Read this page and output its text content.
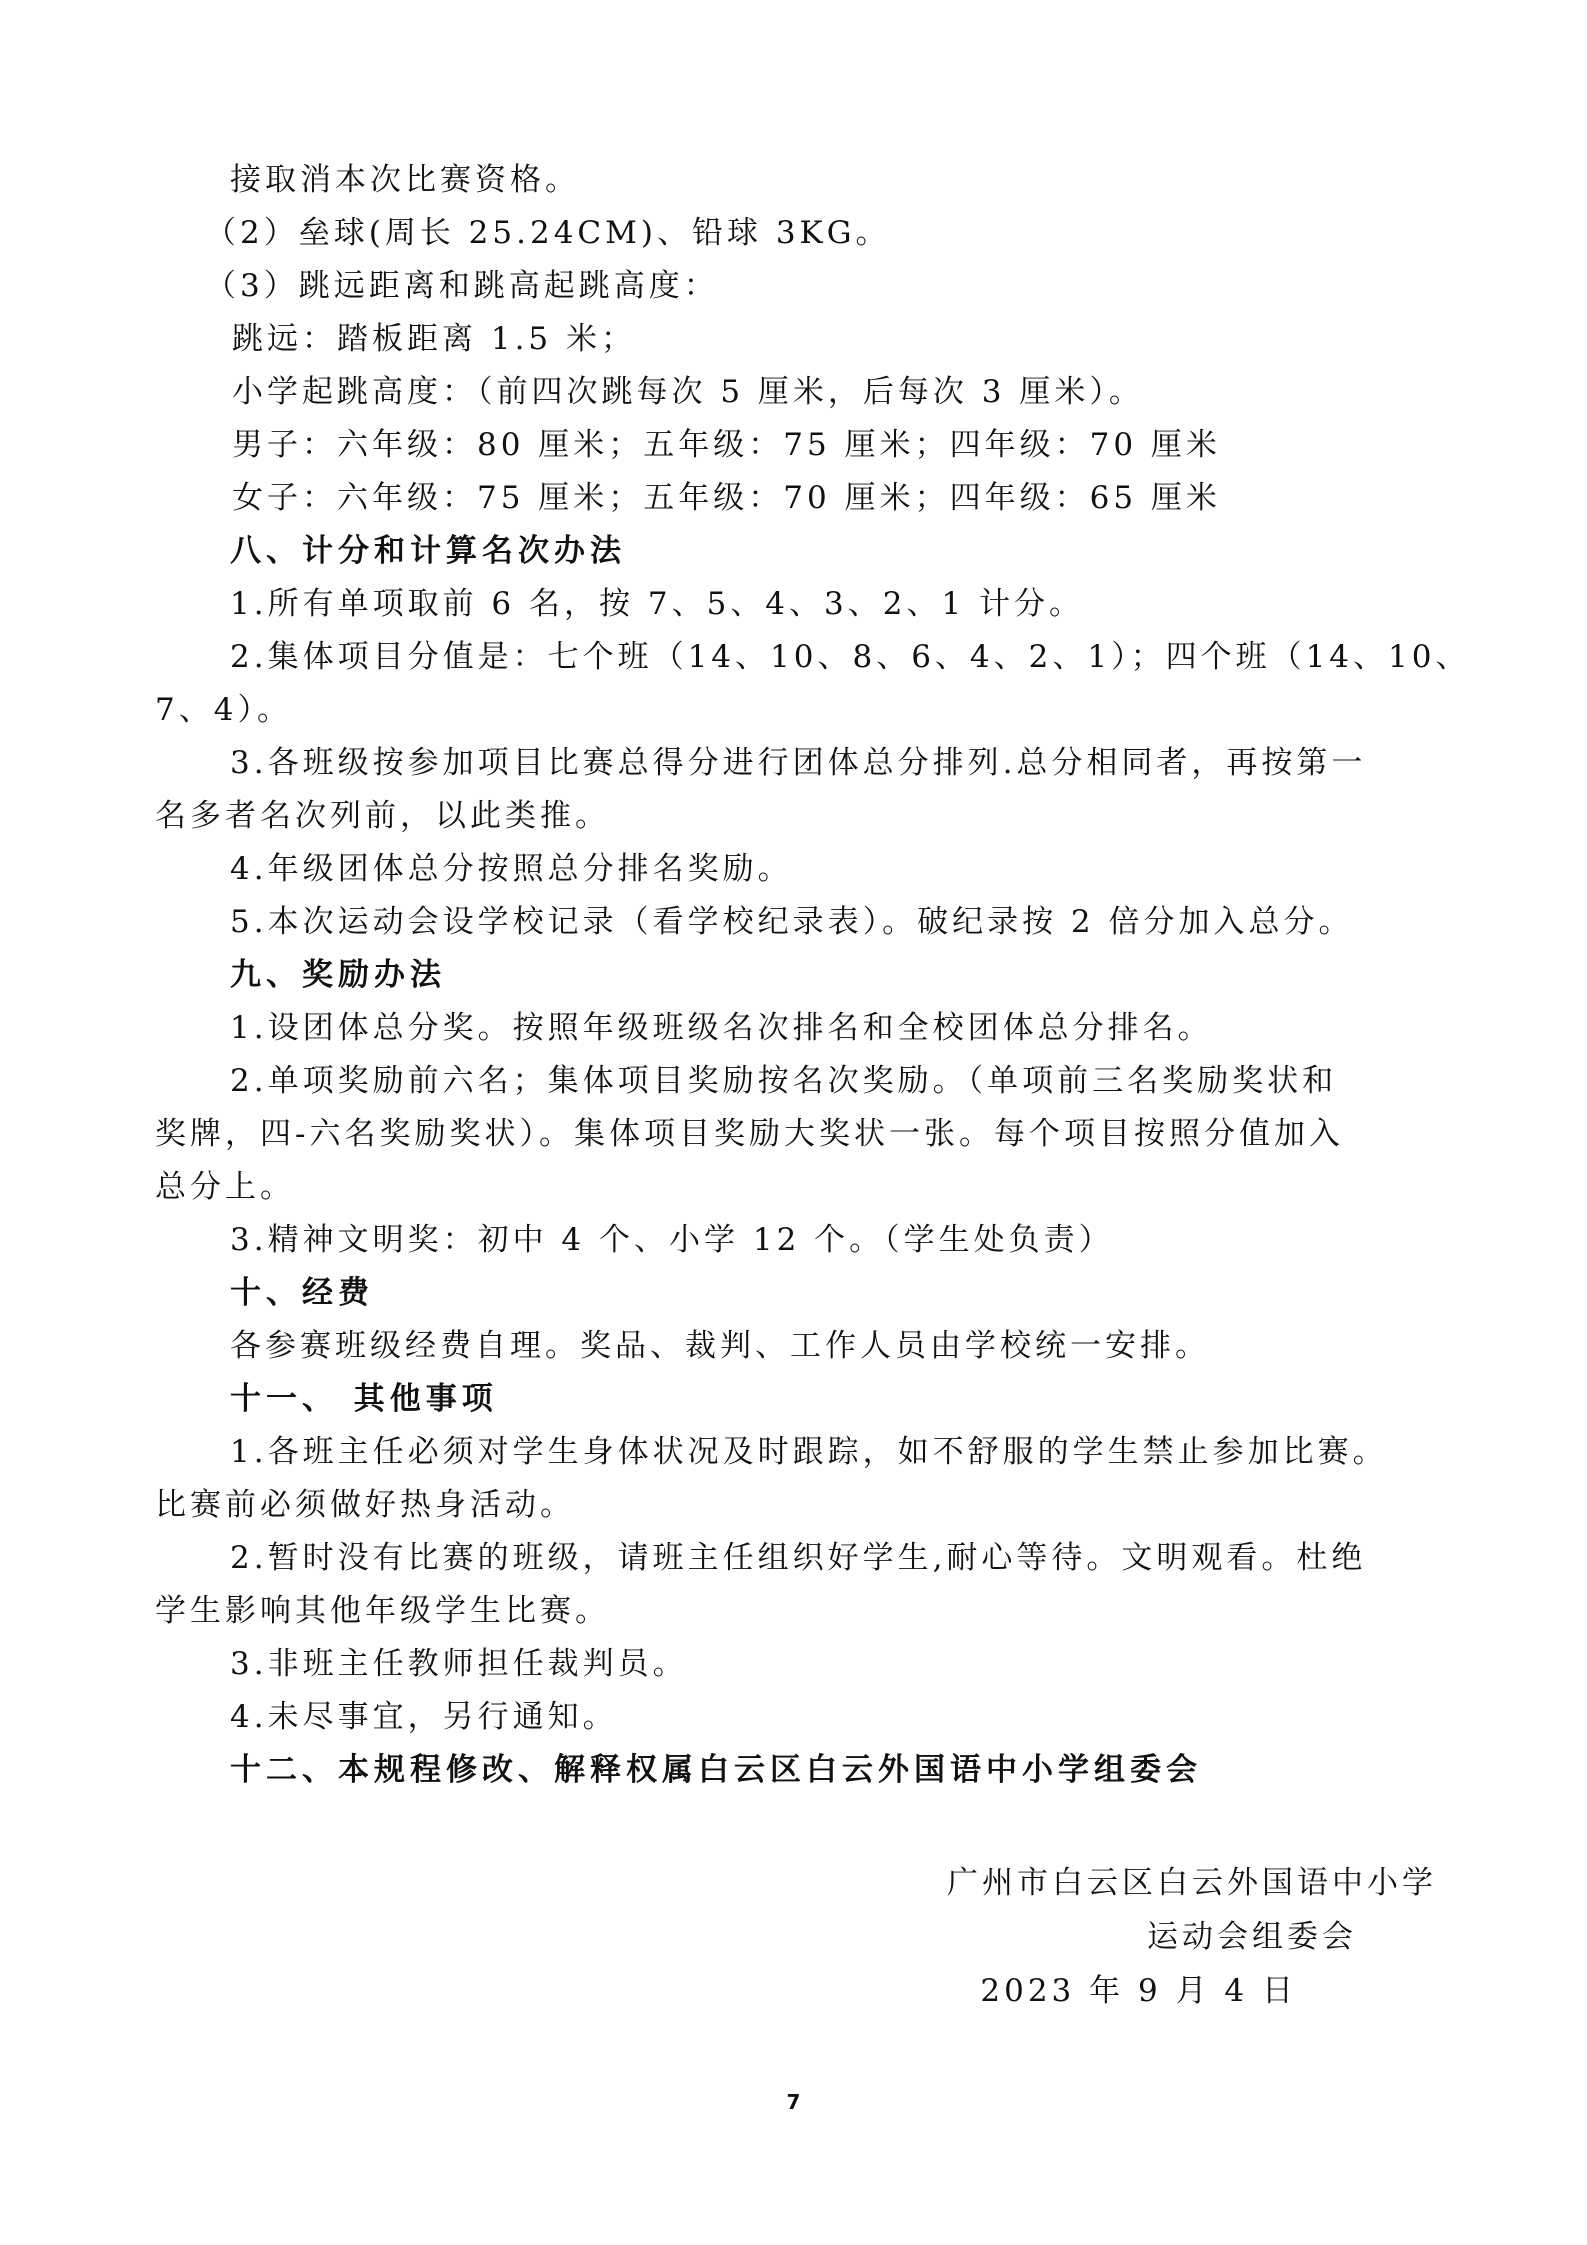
接取消本次比赛资格。
（2）垒球(周长 25.24CM)、铅球 3KG。
（3）跳远距离和跳高起跳高度：
跳远：踏板距离 1.5 米；
小学起跳高度：（前四次跳每次 5 厘米，后每次 3 厘米）。
男子：六年级：80 厘米；五年级：75 厘米；四年级：70 厘米
女子：六年级：75 厘米；五年级：70 厘米；四年级：65 厘米
八、计分和计算名次办法
1.所有单项取前 6 名，按 7、5、4、3、2、1 计分。
2.集体项目分值是：七个班（14、10、8、6、4、2、1）；四个班（14、10、
7、4）。
3.各班级按参加项目比赛总得分进行团体总分排列.总分相同者，再按第一
名多者名次列前，以此类推。
4.年级团体总分按照总分排名奖励。
5.本次运动会设学校记录（看学校纪录表）。破纪录按 2 倍分加入总分。
九、奖励办法
1.设团体总分奖。按照年级班级名次排名和全校团体总分排名。
2.单项奖励前六名；集体项目奖励按名次奖励。（单项前三名奖励奖状和
奖牌，四-六名奖励奖状）。集体项目奖励大奖状一张。每个项目按照分值加入
总分上。
3.精神文明奖：初中 4 个、小学 12 个。（学生处负责）
十、经费
各参赛班级经费自理。奖品、裁判、工作人员由学校统一安排。
十一、 其他事项
1.各班主任必须对学生身体状况及时跟踪，如不舒服的学生禁止参加比赛。
比赛前必须做好热身活动。
2.暂时没有比赛的班级，请班主任组织好学生,耐心等待。文明观看。杜绝
学生影响其他年级学生比赛。
3.非班主任教师担任裁判员。
4.未尽事宜，另行通知。
十二、本规程修改、解释权属白云区白云外国语中小学组委会
广州市白云区白云外国语中小学
运动会组委会
2023 年 9 月 4 日
7
